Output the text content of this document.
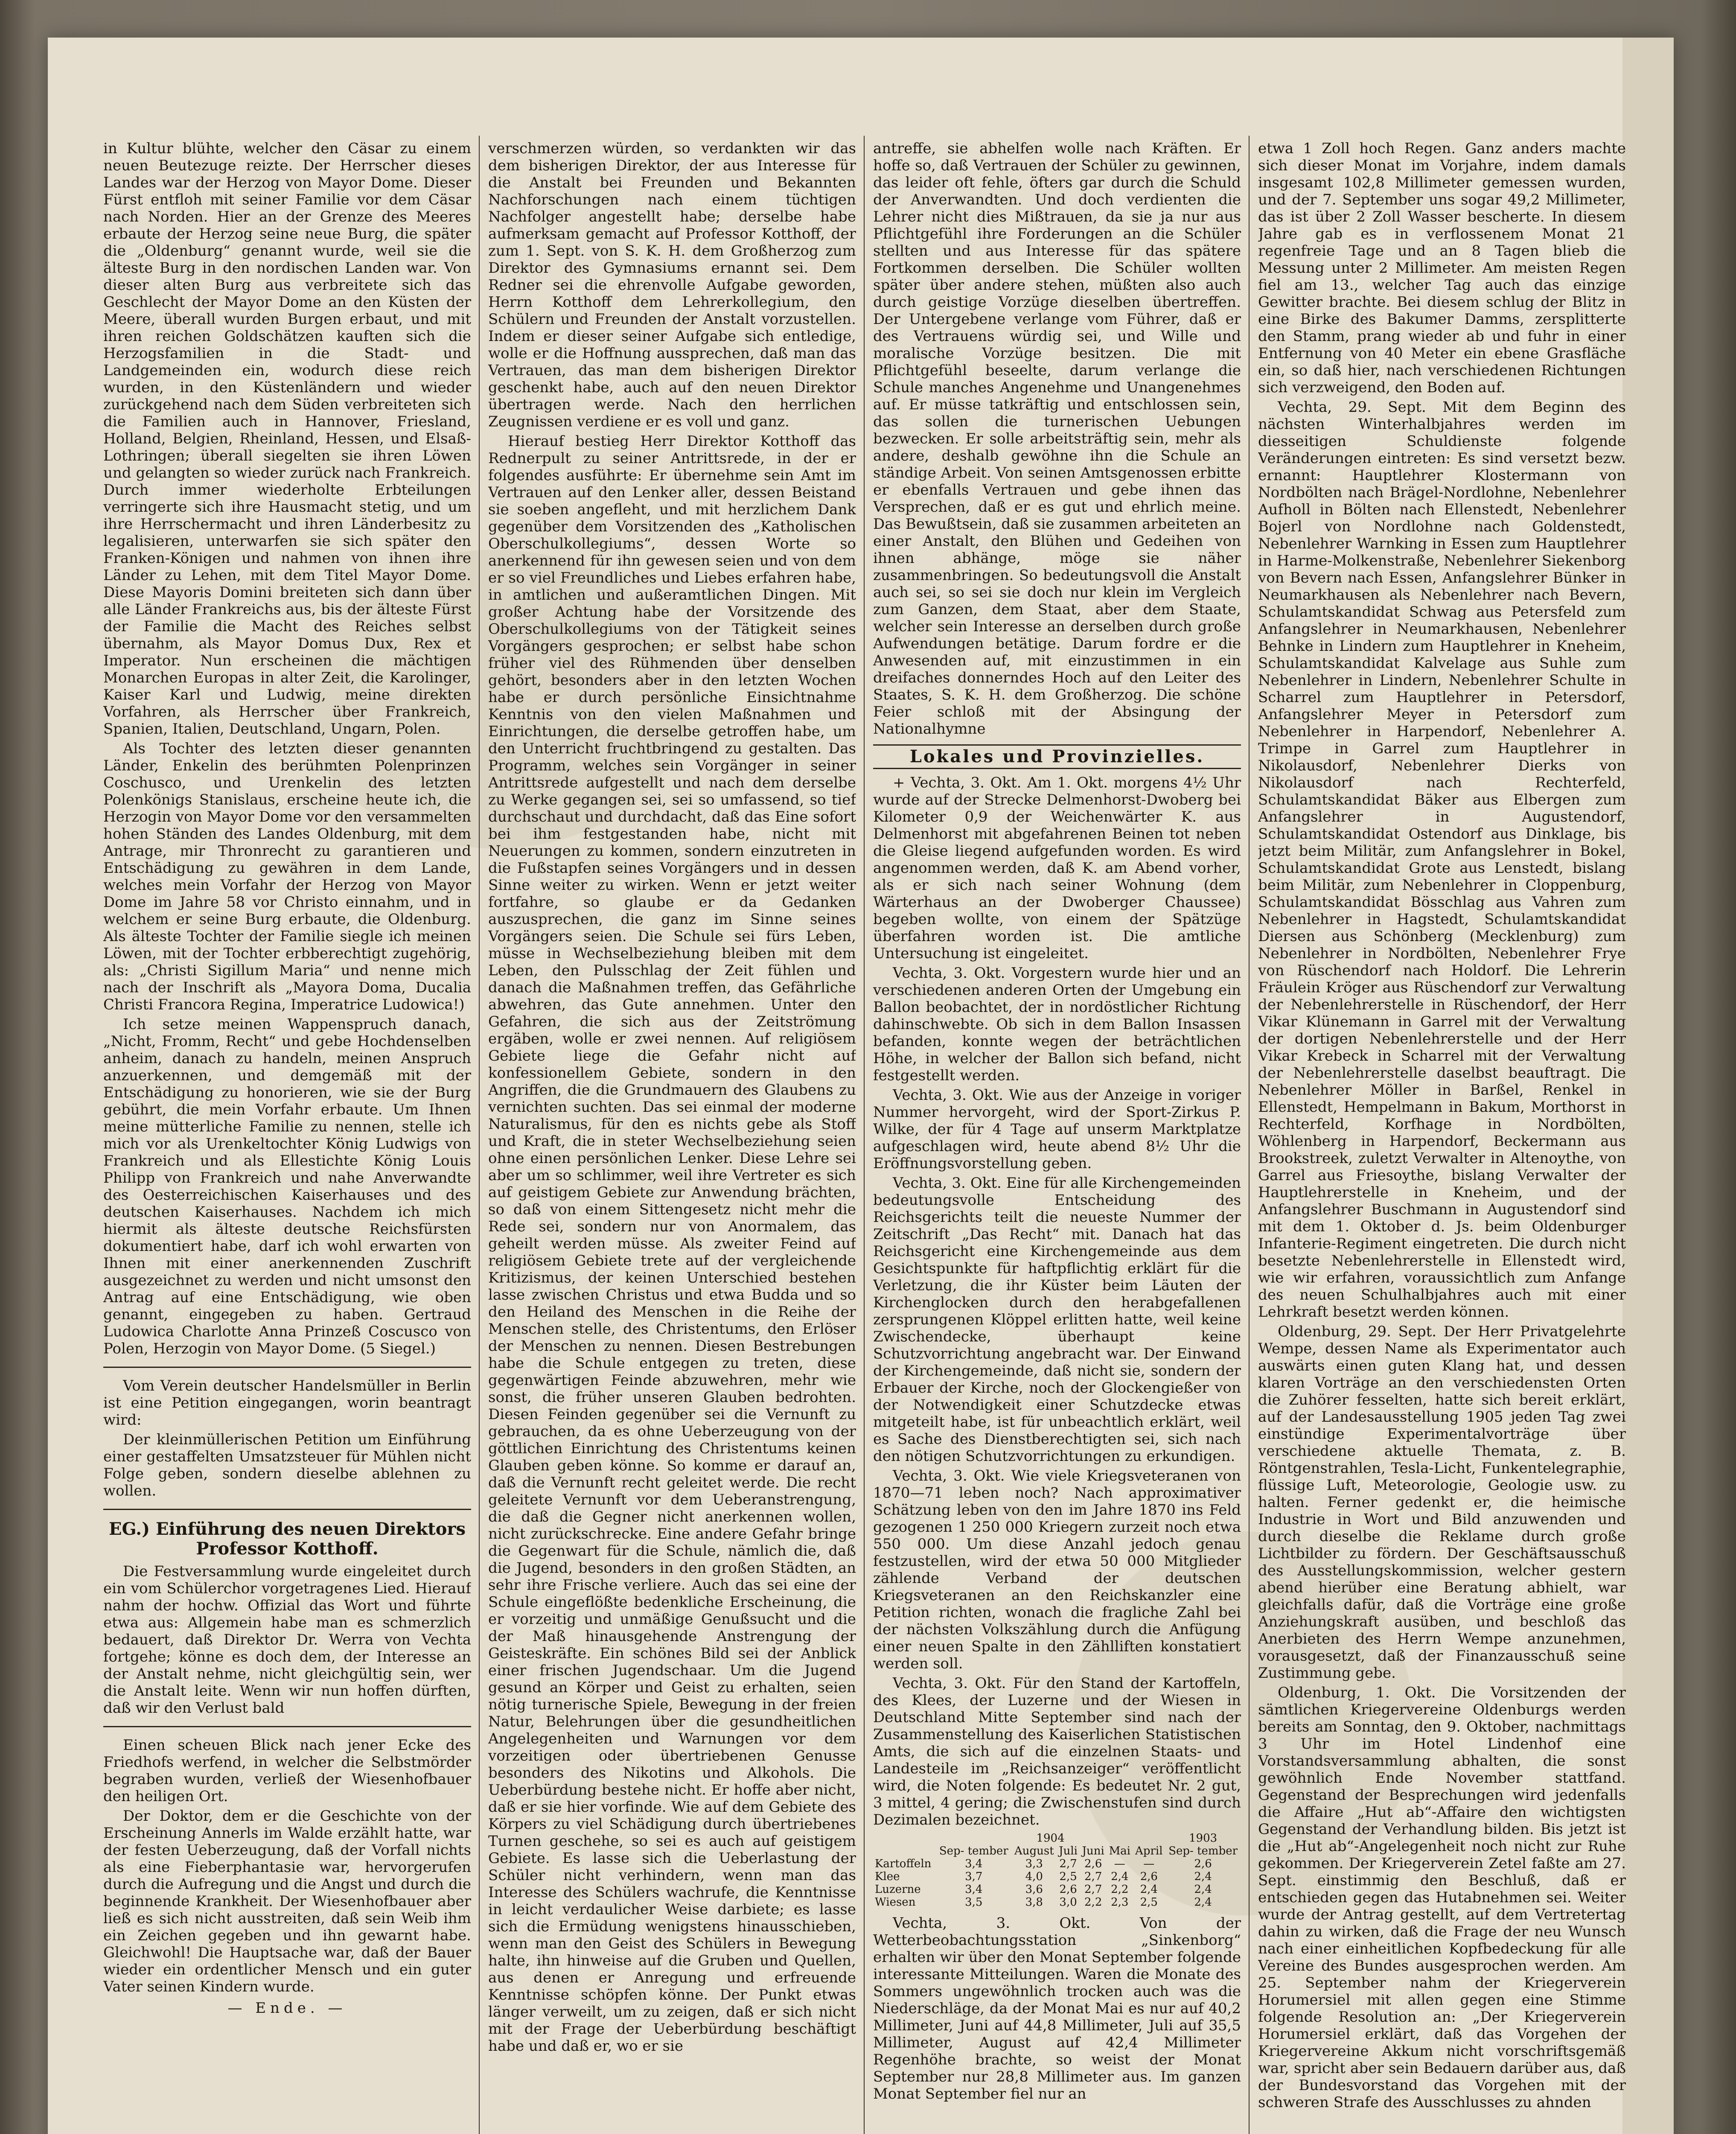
in Kultur blühte, welcher den Cäsar zu einem neuen Beutezuge reizte. Der Herrscher dieses Landes war der Herzog von Mayor Dome. Dieser Fürst entfloh mit seiner Familie vor dem Cäsar nach Norden. Hier an der Grenze des Meeres erbaute der Herzog seine neue Burg, die später die „Oldenburg“ genannt wurde, weil sie die älteste Burg in den nordischen Landen war. Von dieser alten Burg aus verbreitete sich das Geschlecht der Mayor Dome an den Küsten der Meere, überall wurden Burgen erbaut, und mit ihren reichen Goldschätzen kauften sich die Herzogsfamilien in die Stadt- und Landgemeinden ein, wodurch diese reich wurden, in den Küstenländern und wieder zurückgehend nach dem Süden verbreiteten sich die Familien auch in Hannover, Friesland, Holland, Belgien, Rheinland, Hessen, und Elsaß-Lothringen; überall siegelten sie ihren Löwen und gelangten so wieder zurück nach Frankreich. Durch immer wiederholte Erbteilungen verringerte sich ihre Hausmacht stetig, und um ihre Herrschermacht und ihren Länderbesitz zu legalisieren, unterwarfen sie sich später den Franken-Königen und nahmen von ihnen ihre Länder zu Lehen, mit dem Titel Mayor Dome. Diese Mayoris Domini breiteten sich dann über alle Länder Frankreichs aus, bis der älteste Fürst der Familie die Macht des Reiches selbst übernahm, als Mayor Domus Dux, Rex et Imperator. Nun erscheinen die mächtigen Monarchen Europas in alter Zeit, die Karolinger, Kaiser Karl und Ludwig, meine direkten Vorfahren, als Herrscher über Frankreich, Spanien, Italien, Deutschland, Ungarn, Polen.

Als Tochter des letzten dieser genannten Länder, Enkelin des berühmten Polenprinzen Coschusco, und Urenkelin des letzten Polenkönigs Stanislaus, erscheine heute ich, die Herzogin von Mayor Dome vor den versammelten hohen Ständen des Landes Oldenburg, mit dem Antrage, mir Thronrecht zu garantieren und Entschädigung zu gewähren in dem Lande, welches mein Vorfahr der Herzog von Mayor Dome im Jahre 58 vor Christo einnahm, und in welchem er seine Burg erbaute, die Oldenburg. Als älteste Tochter der Familie siegle ich meinen Löwen, mit der Tochter erbberechtigt zugehörig, als: „Christi Sigillum Maria“ und nenne mich nach der Inschrift als „Mayora Doma, Ducalia Christi Francora Regina, Imperatrice Ludowica!)

Ich setze meinen Wappenspruch danach, „Nicht, Fromm, Recht“ und gebe Hochdenselben anheim, danach zu handeln, meinen Anspruch anzuerkennen, und demgemäß mit der Entschädigung zu honorieren, wie sie der Burg gebührt, die mein Vorfahr erbaute. Um Ihnen meine mütterliche Familie zu nennen, stelle ich mich vor als Urenkeltochter König Ludwigs von Frankreich und als Ellestichte König Louis Philipp von Frankreich und nahe Anverwandte des Oesterreichischen Kaiserhauses und des deutschen Kaiserhauses. Nachdem ich mich hiermit als älteste deutsche Reichsfürsten dokumentiert habe, darf ich wohl erwarten von Ihnen mit einer anerkennenden Zuschrift ausgezeichnet zu werden und nicht umsonst den Antrag auf eine Entschädigung, wie oben genannt, eingegeben zu haben. Gertraud Ludowica Charlotte Anna Prinzeß Coscusco von Polen, Herzogin von Mayor Dome. (5 Siegel.)

Vom Verein deutscher Handelsmüller in Berlin ist eine Petition eingegangen, worin beantragt wird:

Der kleinmüllerischen Petition um Einführung einer gestaffelten Umsatzsteuer für Mühlen nicht Folge geben, sondern dieselbe ablehnen zu wollen.

EG.) Einführung des neuen Direktors Professor Kotthoff.

Die Festversammlung wurde eingeleitet durch ein vom Schülerchor vorgetragenes Lied. Hierauf nahm der hochw. Offizial das Wort und führte etwa aus: Allgemein habe man es schmerzlich bedauert, daß Direktor Dr. Werra von Vechta fortgehe; könne es doch dem, der Interesse an der Anstalt nehme, nicht gleichgültig sein, wer die Anstalt leite. Wenn wir nun hoffen dürften, daß wir den Verlust bald

Einen scheuen Blick nach jener Ecke des Friedhofs werfend, in welcher die Selbstmörder begraben wurden, verließ der Wiesenhofbauer den heiligen Ort.

Der Doktor, dem er die Geschichte von der Erscheinung Annerls im Walde erzählt hatte, war der festen Ueberzeugung, daß der Vorfall nichts als eine Fieberphantasie war, hervorgerufen durch die Aufregung und die Angst und durch die beginnende Krankheit. Der Wiesenhofbauer aber ließ es sich nicht ausstreiten, daß sein Weib ihm ein Zeichen gegeben und ihn gewarnt habe. Gleichwohl! Die Hauptsache war, daß der Bauer wieder ein ordentlicher Mensch und ein guter Vater seinen Kindern wurde.

— Ende. —

verschmerzen würden, so verdankten wir das dem bisherigen Direktor, der aus Interesse für die Anstalt bei Freunden und Bekannten Nachforschungen nach einem tüchtigen Nachfolger angestellt habe; derselbe habe aufmerksam gemacht auf Professor Kotthoff, der zum 1. Sept. von S. K. H. dem Großherzog zum Direktor des Gymnasiums ernannt sei. Dem Redner sei die ehrenvolle Aufgabe geworden, Herrn Kotthoff dem Lehrerkollegium, den Schülern und Freunden der Anstalt vorzustellen. Indem er dieser seiner Aufgabe sich entledige, wolle er die Hoffnung aussprechen, daß man das Vertrauen, das man dem bisherigen Direktor geschenkt habe, auch auf den neuen Direktor übertragen werde. Nach den herrlichen Zeugnissen verdiene er es voll und ganz.

Hierauf bestieg Herr Direktor Kotthoff das Rednerpult zu seiner Antrittsrede, in der er folgendes ausführte: Er übernehme sein Amt im Vertrauen auf den Lenker aller, dessen Beistand sie soeben angefleht, und mit herzlichem Dank gegenüber dem Vorsitzenden des „Katholischen Oberschulkollegiums“, dessen Worte so anerkennend für ihn gewesen seien und von dem er so viel Freundliches und Liebes erfahren habe, in amtlichen und außeramtlichen Dingen. Mit großer Achtung habe der Vorsitzende des Oberschulkollegiums von der Tätigkeit seines Vorgängers gesprochen; er selbst habe schon früher viel des Rühmenden über denselben gehört, besonders aber in den letzten Wochen habe er durch persönliche Einsichtnahme Kenntnis von den vielen Maßnahmen und Einrichtungen, die derselbe getroffen habe, um den Unterricht fruchtbringend zu gestalten. Das Programm, welches sein Vorgänger in seiner Antrittsrede aufgestellt und nach dem derselbe zu Werke gegangen sei, sei so umfassend, so tief durchschaut und durchdacht, daß das Eine sofort bei ihm festgestanden habe, nicht mit Neuerungen zu kommen, sondern einzutreten in die Fußstapfen seines Vorgängers und in dessen Sinne weiter zu wirken. Wenn er jetzt weiter fortfahre, so glaube er da Gedanken auszusprechen, die ganz im Sinne seines Vorgängers seien. Die Schule sei fürs Leben, müsse in Wechselbeziehung bleiben mit dem Leben, den Pulsschlag der Zeit fühlen und danach die Maßnahmen treffen, das Gefährliche abwehren, das Gute annehmen. Unter den Gefahren, die sich aus der Zeitströmung ergäben, wolle er zwei nennen. Auf religiösem Gebiete liege die Gefahr nicht auf konfessionellem Gebiete, sondern in den Angriffen, die die Grundmauern des Glaubens zu vernichten suchten. Das sei einmal der moderne Naturalismus, für den es nichts gebe als Stoff und Kraft, die in steter Wechselbeziehung seien ohne einen persönlichen Lenker. Diese Lehre sei aber um so schlimmer, weil ihre Vertreter es sich auf geistigem Gebiete zur Anwendung brächten, so daß von einem Sittengesetz nicht mehr die Rede sei, sondern nur von Anormalem, das geheilt werden müsse. Als zweiter Feind auf religiösem Gebiete trete auf der vergleichende Kritizismus, der keinen Unterschied bestehen lasse zwischen Christus und etwa Budda und so den Heiland des Menschen in die Reihe der Menschen stelle, des Christentums, den Erlöser der Menschen zu nennen. Diesen Bestrebungen habe die Schule entgegen zu treten, diese gegenwärtigen Feinde abzuwehren, mehr wie sonst, die früher unseren Glauben bedrohten. Diesen Feinden gegenüber sei die Vernunft zu gebrauchen, da es ohne Ueberzeugung von der göttlichen Einrichtung des Christentums keinen Glauben geben könne. So komme er darauf an, daß die Vernunft recht geleitet werde. Die recht geleitete Vernunft vor dem Ueberanstrengung, die daß die Gegner nicht anerkennen wollen, nicht zurückschrecke. Eine andere Gefahr bringe die Gegenwart für die Schule, nämlich die, daß die Jugend, besonders in den großen Städten, an sehr ihre Frische verliere. Auch das sei eine der Schule eingeflößte bedenkliche Erscheinung, die er vorzeitig und unmäßige Genußsucht und die der Maß hinausgehende Anstrengung der Geisteskräfte. Ein schönes Bild sei der Anblick einer frischen Jugendschaar. Um die Jugend gesund an Körper und Geist zu erhalten, seien nötig turnerische Spiele, Bewegung in der freien Natur, Belehrungen über die gesundheitlichen Angelegenheiten und Warnungen vor dem vorzeitigen oder übertriebenen Genusse besonders des Nikotins und Alkohols. Die Ueberbürdung bestehe nicht. Er hoffe aber nicht, daß er sie hier vorfinde. Wie auf dem Gebiete des Körpers zu viel Schädigung durch übertriebenes Turnen geschehe, so sei es auch auf geistigem Gebiete. Es lasse sich die Ueberlastung der Schüler nicht verhindern, wenn man das Interesse des Schülers wachrufe, die Kenntnisse in leicht verdaulicher Weise darbiete; es lasse sich die Ermüdung wenigstens hinausschieben, wenn man den Geist des Schülers in Bewegung halte, ihn hinweise auf die Gruben und Quellen, aus denen er Anregung und erfreuende Kenntnisse schöpfen könne. Der Punkt etwas länger verweilt, um zu zeigen, daß er sich nicht mit der Frage der Ueberbürdung beschäftigt habe und daß er, wo er sie

antreffe, sie abhelfen wolle nach Kräften. Er hoffe so, daß Vertrauen der Schüler zu gewinnen, das leider oft fehle, öfters gar durch die Schuld der Anverwandten. Und doch verdienten die Lehrer nicht dies Mißtrauen, da sie ja nur aus Pflichtgefühl ihre Forderungen an die Schüler stellten und aus Interesse für das spätere Fortkommen derselben. Die Schüler wollten später über andere stehen, müßten also auch durch geistige Vorzüge dieselben übertreffen. Der Untergebene verlange vom Führer, daß er des Vertrauens würdig sei, und Wille und moralische Vorzüge besitzen. Die mit Pflichtgefühl beseelte, darum verlange die Schule manches Angenehme und Unangenehmes auf. Er müsse tatkräftig und entschlossen sein, das sollen die turnerischen Uebungen bezwecken. Er solle arbeitsträftig sein, mehr als andere, deshalb gewöhne ihn die Schule an ständige Arbeit. Von seinen Amtsgenossen erbitte er ebenfalls Vertrauen und gebe ihnen das Versprechen, daß er es gut und ehrlich meine. Das Bewußtsein, daß sie zusammen arbeiteten an einer Anstalt, den Blühen und Gedeihen von ihnen abhänge, möge sie näher zusammenbringen. So bedeutungsvoll die Anstalt auch sei, so sei sie doch nur klein im Vergleich zum Ganzen, dem Staat, aber dem Staate, welcher sein Interesse an derselben durch große Aufwendungen betätige. Darum fordre er die Anwesenden auf, mit einzustimmen in ein dreifaches donnerndes Hoch auf den Leiter des Staates, S. K. H. dem Großherzog. Die schöne Feier schloß mit der Absingung der Nationalhymne

Lokales und Provinzielles.

+ Vechta, 3. Okt. Am 1. Okt. morgens 4½ Uhr wurde auf der Strecke Delmenhorst-Dwoberg bei Kilometer 0,9 der Weichenwärter K. aus Delmenhorst mit abgefahrenen Beinen tot neben die Gleise liegend aufgefunden worden. Es wird angenommen werden, daß K. am Abend vorher, als er sich nach seiner Wohnung (dem Wärterhaus an der Dwoberger Chaussee) begeben wollte, von einem der Spätzüge überfahren worden ist. Die amtliche Untersuchung ist eingeleitet.

Vechta, 3. Okt. Vorgestern wurde hier und an verschiedenen anderen Orten der Umgebung ein Ballon beobachtet, der in nordöstlicher Richtung dahinschwebte. Ob sich in dem Ballon Insassen befanden, konnte wegen der beträchtlichen Höhe, in welcher der Ballon sich befand, nicht festgestellt werden.

Vechta, 3. Okt. Wie aus der Anzeige in voriger Nummer hervorgeht, wird der Sport-Zirkus P. Wilke, der für 4 Tage auf unserm Marktplatze aufgeschlagen wird, heute abend 8½ Uhr die Eröffnungsvorstellung geben.

Vechta, 3. Okt. Eine für alle Kirchengemeinden bedeutungsvolle Entscheidung des Reichsgerichts teilt die neueste Nummer der Zeitschrift „Das Recht“ mit. Danach hat das Reichsgericht eine Kirchengemeinde aus dem Gesichtspunkte für haftpflichtig erklärt für die Verletzung, die ihr Küster beim Läuten der Kirchenglocken durch den herabgefallenen zersprungenen Klöppel erlitten hatte, weil keine Zwischendecke, überhaupt keine Schutzvorrichtung angebracht war. Der Einwand der Kirchengemeinde, daß nicht sie, sondern der Erbauer der Kirche, noch der Glockengießer von der Notwendigkeit einer Schutzdecke etwas mitgeteilt habe, ist für unbeachtlich erklärt, weil es Sache des Dienstberechtigten sei, sich nach den nötigen Schutzvorrichtungen zu erkundigen.

Vechta, 3. Okt. Wie viele Kriegsveteranen von 1870—71 leben noch? Nach approximativer Schätzung leben von den im Jahre 1870 ins Feld gezogenen 1 250 000 Kriegern zurzeit noch etwa 550 000. Um diese Anzahl jedoch genau festzustellen, wird der etwa 50 000 Mitglieder zählende Verband der deutschen Kriegsveteranen an den Reichskanzler eine Petition richten, wonach die fragliche Zahl bei der nächsten Volkszählung durch die Anfügung einer neuen Spalte in den Zählliften konstatiert werden soll.

Vechta, 3. Okt. Für den Stand der Kartoffeln, des Klees, der Luzerne und der Wiesen in Deutschland Mitte September sind nach der Zusammenstellung des Kaiserlichen Statistischen Amts, die sich auf die einzelnen Staats- und Landesteile im „Reichsanzeiger“ veröffentlicht wird, die Noten folgende: Es bedeutet Nr. 2 gut, 3 mittel, 4 gering; die Zwischenstufen sind durch Dezimalen bezeichnet.

	1904						1903
	Sep- tember	August	Juli	Juni	Mai	April	Sep- tember
Kartoffeln	3,4	3,3	2,7	2,6	—	—	2,6
Klee	3,7	4,0	2,5	2,7	2,4	2,6	2,4
Luzerne	3,4	3,6	2,6	2,7	2,2	2,4	2,4
Wiesen	3,5	3,8	3,0	2,2	2,3	2,5	2,4

Vechta, 3. Okt. Von der Wetterbeobachtungsstation „Sinkenborg“ erhalten wir über den Monat September folgende interessante Mitteilungen. Waren die Monate des Sommers ungewöhnlich trocken auch was die Niederschläge, da der Monat Mai es nur auf 40,2 Millimeter, Juni auf 44,8 Millimeter, Juli auf 35,5 Millimeter, August auf 42,4 Millimeter Regenhöhe brachte, so weist der Monat September nur 28,8 Millimeter aus. Im ganzen Monat September fiel nur an

etwa 1 Zoll hoch Regen. Ganz anders machte sich dieser Monat im Vorjahre, indem damals insgesamt 102,8 Millimeter gemessen wurden, und der 7. September uns sogar 49,2 Millimeter, das ist über 2 Zoll Wasser bescherte. In diesem Jahre gab es in verflossenem Monat 21 regenfreie Tage und an 8 Tagen blieb die Messung unter 2 Millimeter. Am meisten Regen fiel am 13., welcher Tag auch das einzige Gewitter brachte. Bei diesem schlug der Blitz in eine Birke des Bakumer Damms, zersplitterte den Stamm, prang wieder ab und fuhr in einer Entfernung von 40 Meter ein ebene Grasfläche ein, so daß hier, nach verschiedenen Richtungen sich verzweigend, den Boden auf.

Vechta, 29. Sept. Mit dem Beginn des nächsten Winterhalbjahres werden im diesseitigen Schuldienste folgende Veränderungen eintreten: Es sind versetzt bezw. ernannt: Hauptlehrer Klostermann von Nordbölten nach Brägel-Nordlohne, Nebenlehrer Aufholl in Bölten nach Ellenstedt, Nebenlehrer Bojerl von Nordlohne nach Goldenstedt, Nebenlehrer Warnking in Essen zum Hauptlehrer in Harme-Molkenstraße, Nebenlehrer Siekenborg von Bevern nach Essen, Anfangslehrer Bünker in Neumarkhausen als Nebenlehrer nach Bevern, Schulamtskandidat Schwag aus Petersfeld zum Anfangslehrer in Neumarkhausen, Nebenlehrer Behnke in Lindern zum Hauptlehrer in Kneheim, Schulamtskandidat Kalvelage aus Suhle zum Nebenlehrer in Lindern, Nebenlehrer Schulte in Scharrel zum Hauptlehrer in Petersdorf, Anfangslehrer Meyer in Petersdorf zum Nebenlehrer in Harpendorf, Nebenlehrer A. Trimpe in Garrel zum Hauptlehrer in Nikolausdorf, Nebenlehrer Dierks von Nikolausdorf nach Rechterfeld, Schulamtskandidat Bäker aus Elbergen zum Anfangslehrer in Augustendorf, Schulamtskandidat Ostendorf aus Dinklage, bis jetzt beim Militär, zum Anfangslehrer in Bokel, Schulamtskandidat Grote aus Lenstedt, bislang beim Militär, zum Nebenlehrer in Cloppenburg, Schulamtskandidat Bösschlag aus Vahren zum Nebenlehrer in Hagstedt, Schulamtskandidat Diersen aus Schönberg (Mecklenburg) zum Nebenlehrer in Nordbölten, Nebenlehrer Frye von Rüschendorf nach Holdorf. Die Lehrerin Fräulein Kröger aus Rüschendorf zur Verwaltung der Nebenlehrerstelle in Rüschendorf, der Herr Vikar Klünemann in Garrel mit der Verwaltung der dortigen Nebenlehrerstelle und der Herr Vikar Krebeck in Scharrel mit der Verwaltung der Nebenlehrerstelle daselbst beauftragt. Die Nebenlehrer Möller in Barßel, Renkel in Ellenstedt, Hempelmann in Bakum, Morthorst in Rechterfeld, Korfhage in Nordbölten, Wöhlenberg in Harpendorf, Beckermann aus Brookstreek, zuletzt Verwalter in Altenoythe, von Garrel aus Friesoythe, bislang Verwalter der Hauptlehrerstelle in Kneheim, und der Anfangslehrer Buschmann in Augustendorf sind mit dem 1. Oktober d. Js. beim Oldenburger Infanterie-Regiment eingetreten. Die durch nicht besetzte Nebenlehrerstelle in Ellenstedt wird, wie wir erfahren, voraussichtlich zum Anfange des neuen Schulhalbjahres auch mit einer Lehrkraft besetzt werden können.

Oldenburg, 29. Sept. Der Herr Privatgelehrte Wempe, dessen Name als Experimentator auch auswärts einen guten Klang hat, und dessen klaren Vorträge an den verschiedensten Orten die Zuhörer fesselten, hatte sich bereit erklärt, auf der Landesausstellung 1905 jeden Tag zwei einstündige Experimentalvorträge über verschiedene aktuelle Themata, z. B. Röntgenstrahlen, Tesla-Licht, Funkentelegraphie, flüssige Luft, Meteorologie, Geologie usw. zu halten. Ferner gedenkt er, die heimische Industrie in Wort und Bild anzuwenden und durch dieselbe die Reklame durch große Lichtbilder zu fördern. Der Geschäftsausschuß des Ausstellungskommission, welcher gestern abend hierüber eine Beratung abhielt, war gleichfalls dafür, daß die Vorträge eine große Anziehungskraft ausüben, und beschloß das Anerbieten des Herrn Wempe anzunehmen, vorausgesetzt, daß der Finanzausschuß seine Zustimmung gebe.

Oldenburg, 1. Okt. Die Vorsitzenden der sämtlichen Kriegervereine Oldenburgs werden bereits am Sonntag, den 9. Oktober, nachmittags 3 Uhr im Hotel Lindenhof eine Vorstandsversammlung abhalten, die sonst gewöhnlich Ende November stattfand. Gegenstand der Besprechungen wird jedenfalls die Affaire „Hut ab“-Affaire den wichtigsten Gegenstand der Verhandlung bilden. Bis jetzt ist die „Hut ab“-Angelegenheit noch nicht zur Ruhe gekommen. Der Kriegerverein Zetel faßte am 27. Sept. einstimmig den Beschluß, daß er entschieden gegen das Hutabnehmen sei. Weiter wurde der Antrag gestellt, auf dem Vertretertag dahin zu wirken, daß die Frage der neu Wunsch nach einer einheitlichen Kopfbedeckung für alle Vereine des Bundes ausgesprochen werden. Am 25. September nahm der Kriegerverein Horumersiel mit allen gegen eine Stimme folgende Resolution an: „Der Kriegerverein Horumersiel erklärt, daß das Vorgehen der Kriegervereine Akkum nicht vorschriftsgemäß war, spricht aber sein Bedauern darüber aus, daß der Bundesvorstand das Vorgehen mit der schweren Strafe des Ausschlusses zu ahnden
